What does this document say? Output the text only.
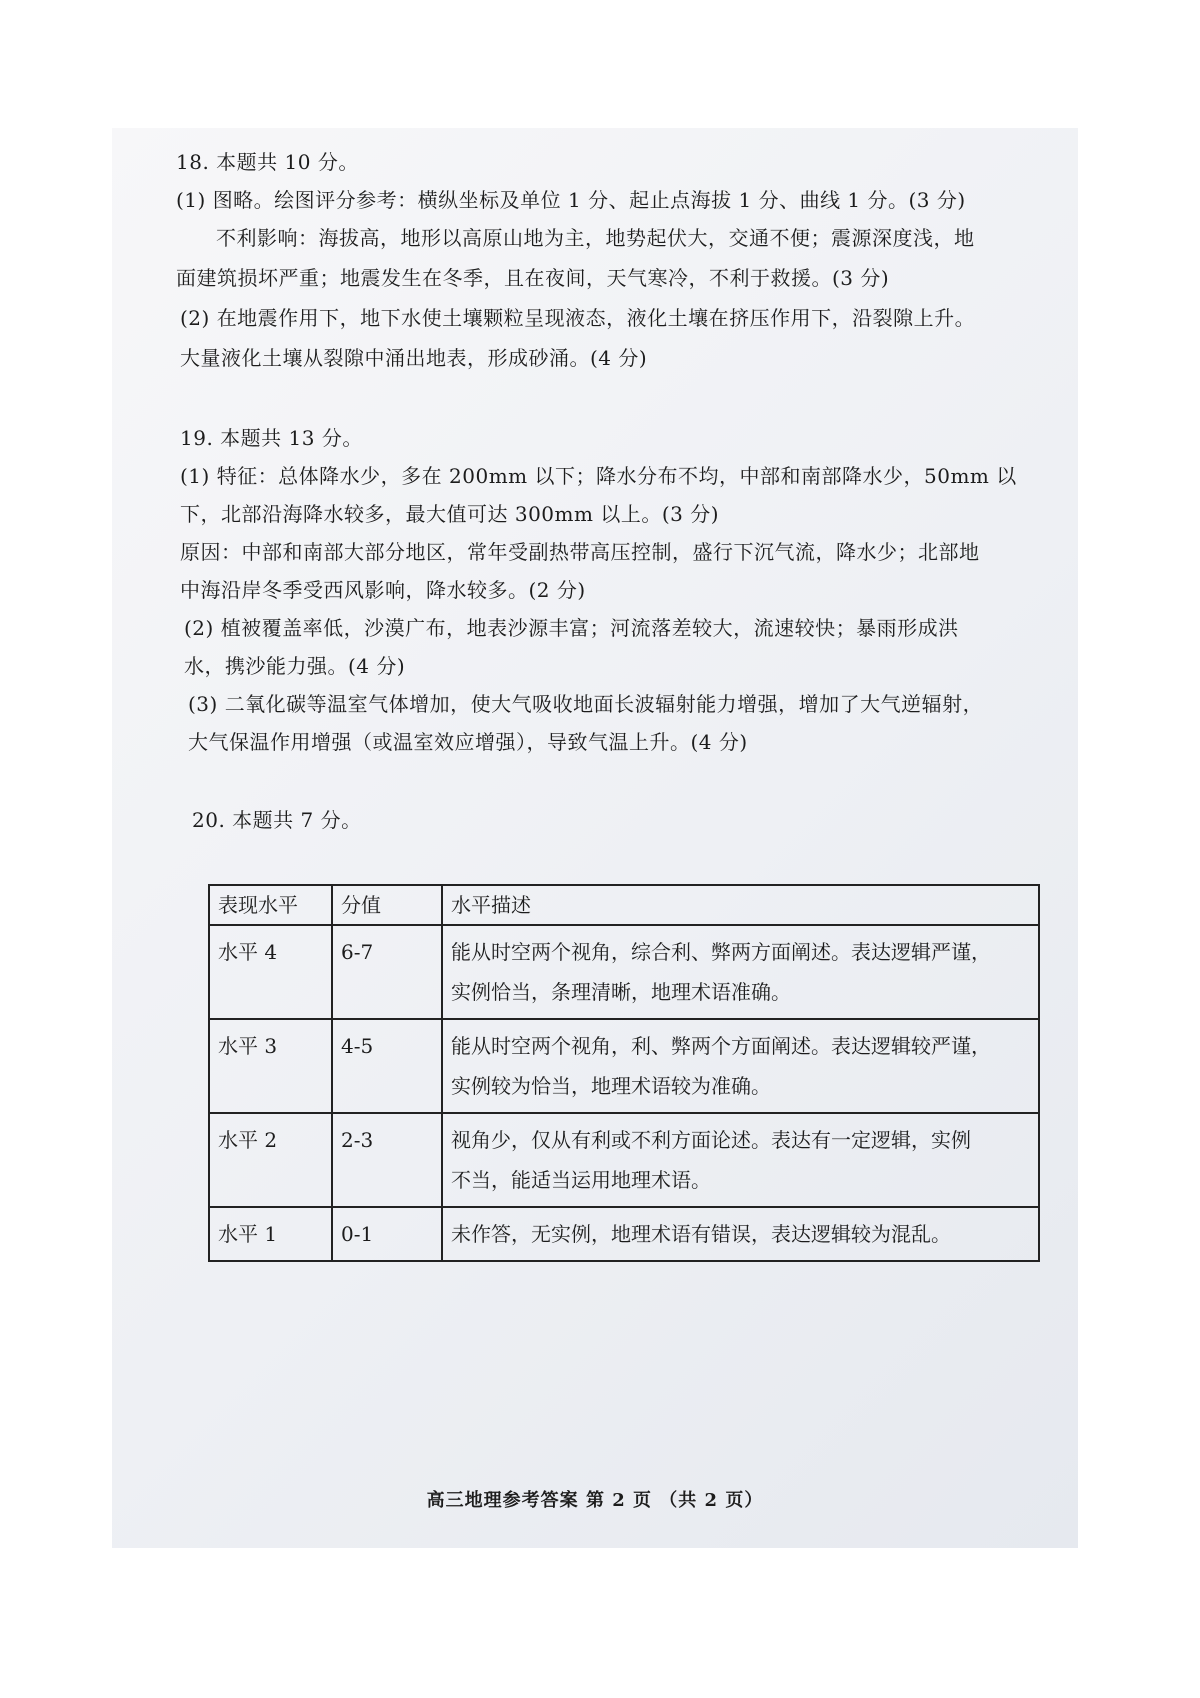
18. 本题共 10 分。
(1) 图略。绘图评分参考：横纵坐标及单位 1 分、起止点海拔 1 分、曲线 1 分。(3 分)
不利影响：海拔高，地形以高原山地为主，地势起伏大，交通不便；震源深度浅，地
面建筑损坏严重；地震发生在冬季，且在夜间，天气寒冷，不利于救援。(3 分)
(2) 在地震作用下，地下水使土壤颗粒呈现液态，液化土壤在挤压作用下，沿裂隙上升。
大量液化土壤从裂隙中涌出地表，形成砂涌。(4 分)
19. 本题共 13 分。
(1) 特征：总体降水少，多在 200mm 以下；降水分布不均，中部和南部降水少，50mm 以
下，北部沿海降水较多，最大值可达 300mm 以上。(3 分)
原因：中部和南部大部分地区，常年受副热带高压控制，盛行下沉气流，降水少；北部地
中海沿岸冬季受西风影响，降水较多。(2 分)
(2) 植被覆盖率低，沙漠广布，地表沙源丰富；河流落差较大，流速较快；暴雨形成洪
水，携沙能力强。(4 分)
(3) 二氧化碳等温室气体增加，使大气吸收地面长波辐射能力增强，增加了大气逆辐射，
大气保温作用增强（或温室效应增强），导致气温上升。(4 分)
20. 本题共 7 分。
表现水平	分值	水平描述
水平 4	6-7	能从时空两个视角，综合利、弊两方面阐述。表达逻辑严谨，
实例恰当，条理清晰，地理术语准确。

水平 3	4-5	能从时空两个视角，利、弊两个方面阐述。表达逻辑较严谨，
实例较为恰当，地理术语较为准确。

水平 2	2-3	视角少，仅从有利或不利方面论述。表达有一定逻辑，实例
不当，能适当运用地理术语。

水平 1	0-1	未作答，无实例，地理术语有错误，表达逻辑较为混乱。
高三地理参考答案 第 2 页 （共 2 页）
